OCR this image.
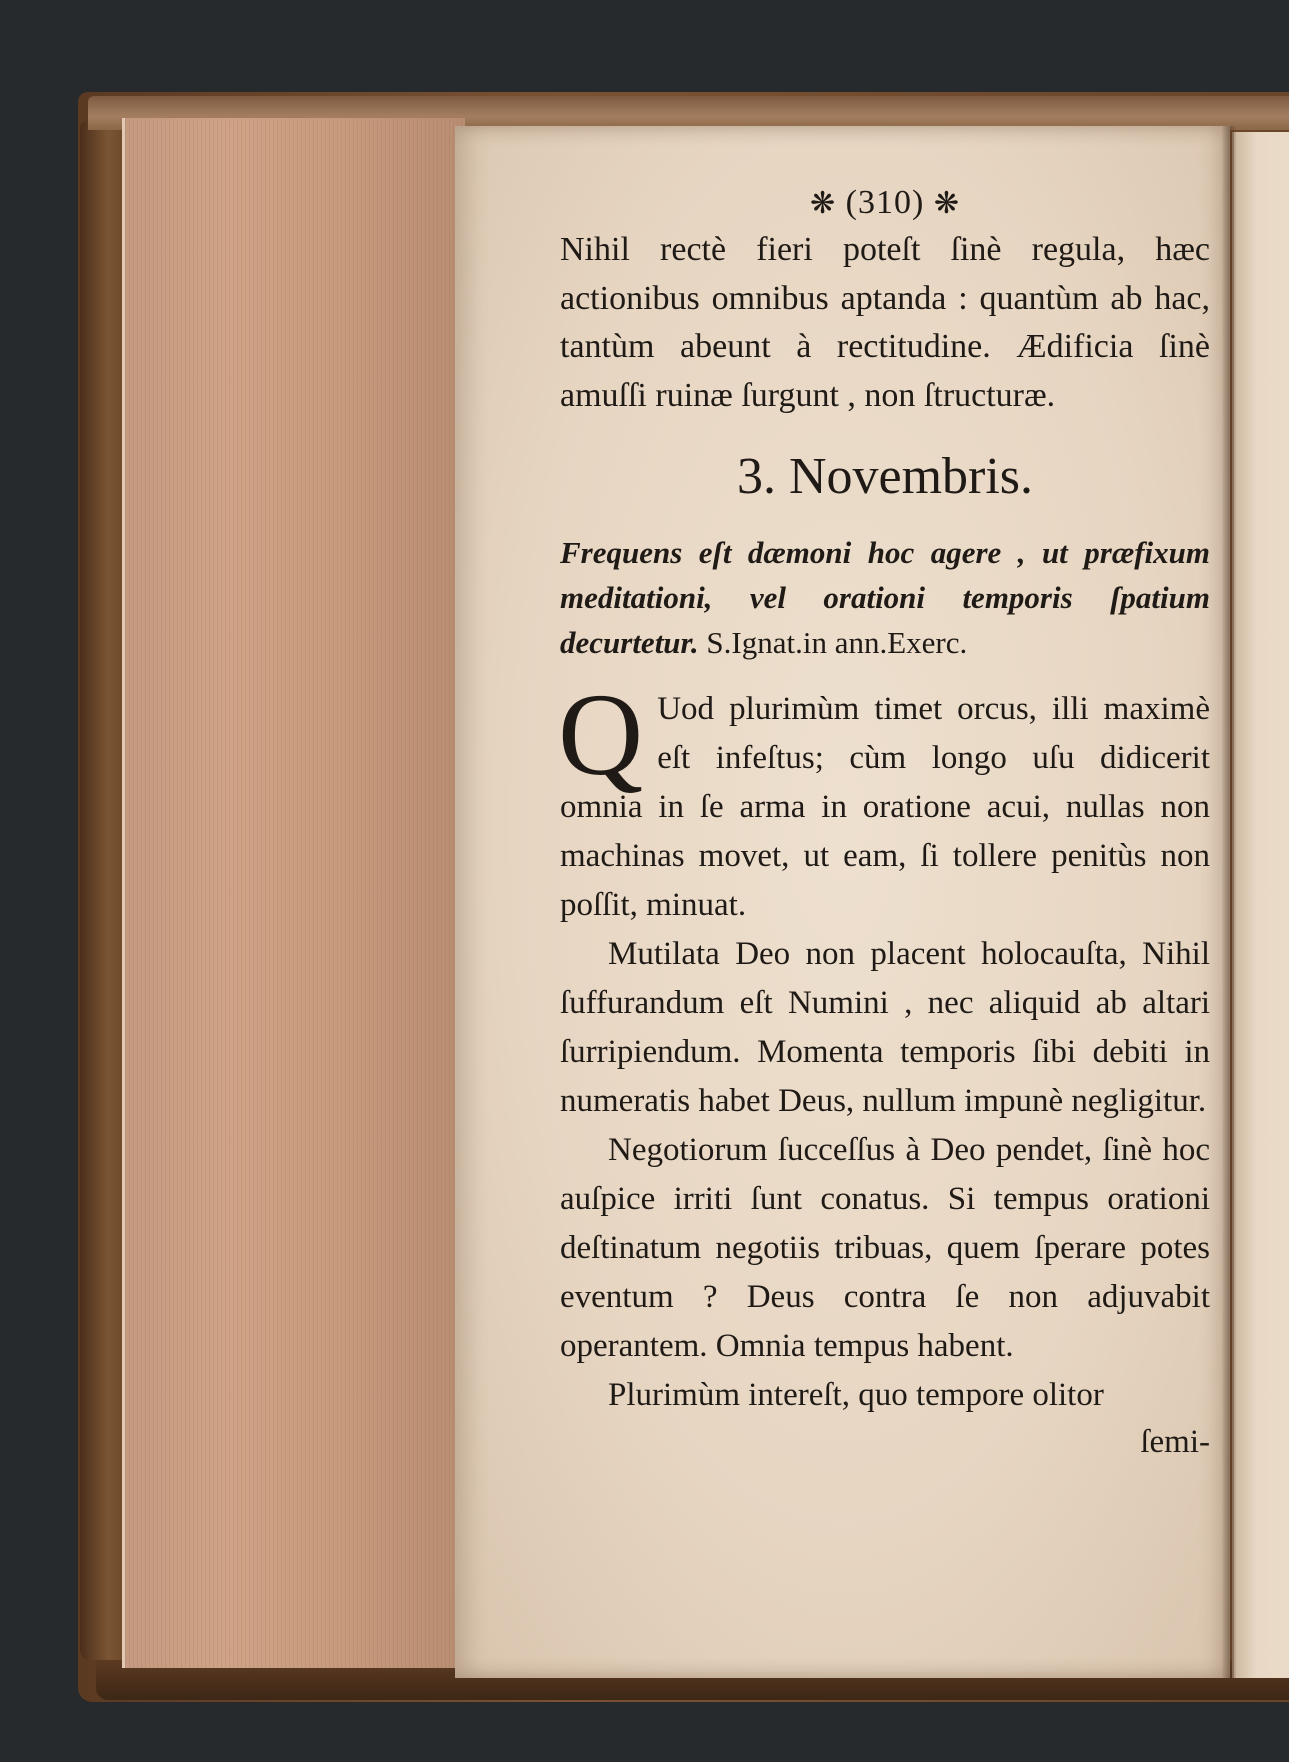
❋ (310) ❋
Nihil rectè fieri poteſt ſinè regula, hæc actionibus omnibus aptanda : quantùm ab hac, tantùm abeunt à rectitudine. Ædificia ſinè amuſſi ruinæ ſurgunt , non ſtructuræ.
3. Novembris.
Frequens eſt dæmoni hoc agere , ut præfixum meditationi, vel orationi temporis ſpatium decurtetur. S.Ignat.in ann.Exerc.

Q Uod plurimùm timet orcus, illi maximè eſt infeſtus; cùm longo uſu didicerit omnia in ſe arma in oratione acui, nullas non machinas movet, ut eam, ſi tollere penitùs non poſſit, minuat.

Mutilata Deo non placent holocauſta, Nihil ſuffurandum eſt Numini , nec aliquid ab altari ſurripiendum. Momenta temporis ſibi debiti in numeratis habet Deus, nullum impunè negligitur.

Negotiorum ſucceſſus à Deo pendet, ſinè hoc auſpice irriti ſunt conatus. Si tempus orationi deſtinatum negotiis tribuas, quem ſperare potes eventum ? Deus contra ſe non adjuvabit operantem. Omnia tempus habent.

Plurimùm intereſt, quo tempore olitor

ſemi-
